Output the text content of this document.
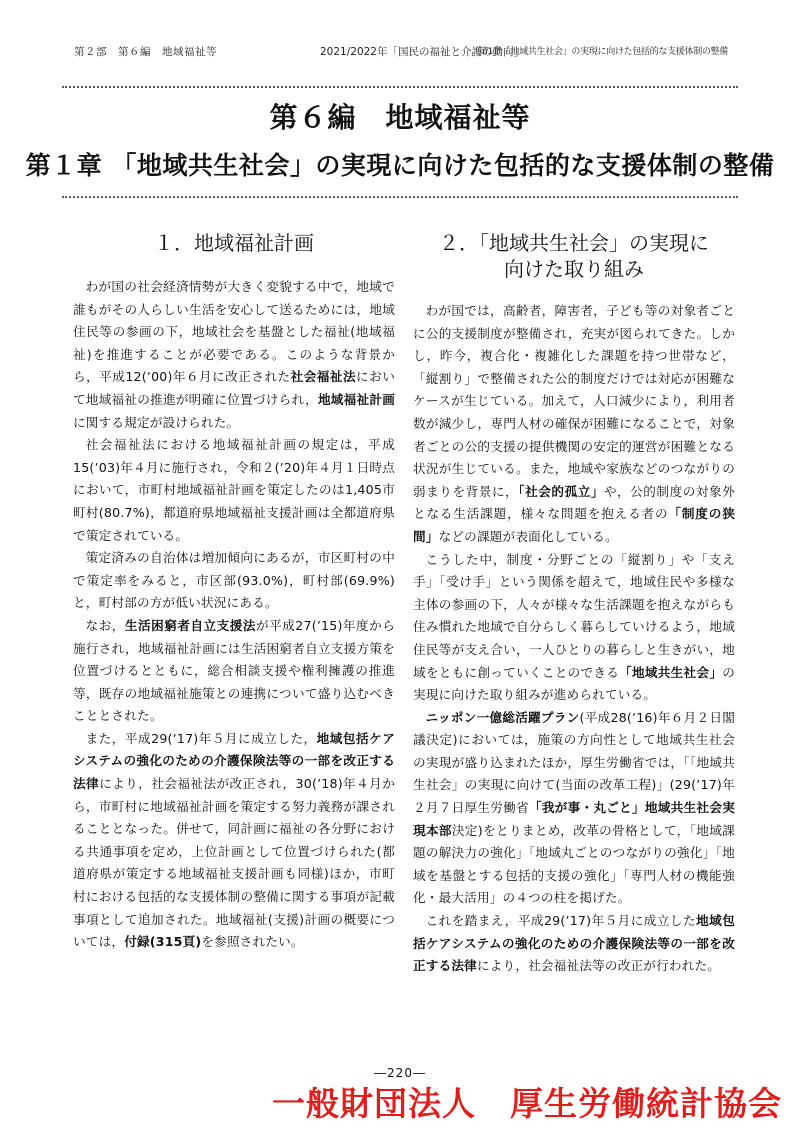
第２部　第６編　地域福祉等	2021/2022年「国民の福祉と介護の動向」
第1章「地域共生社会」の実現に向けた包括的な支援体制の整備
第６編　地域福祉等
第１章 「地域共生社会」の実現に向けた包括的な支援体制の整備
１．地域福祉計画

わが国の社会経済情勢が大きく変貌する中で，地域で誰もがその人らしい生活を安心して送るためには，地域住民等の参画の下，地域社会を基盤とした福祉(地域福祉)を推進することが必要である。このような背景から，平成12(ʼ00)年６月に改正された社会福祉法において地域福祉の推進が明確に位置づけられ，地域福祉計画に関する規定が設けられた。

社会福祉法における地域福祉計画の規定は，平成15(ʼ03)年４月に施行され，令和２(ʼ20)年４月１日時点において，市町村地域福祉計画を策定したのは1,405市町村(80.7%)，都道府県地域福祉支援計画は全都道府県で策定されている。

策定済みの自治体は増加傾向にあるが，市区町村の中で策定率をみると，市区部(93.0%)，町村部(69.9%)と，町村部の方が低い状況にある。

なお，生活困窮者自立支援法が平成27(ʼ15)年度から施行され，地域福祉計画には生活困窮者自立支援方策を位置づけるとともに，総合相談支援や権利擁護の推進等，既存の地域福祉施策との連携について盛り込むべきこととされた。

また，平成29(ʼ17)年５月に成立した，地域包括ケアシステムの強化のための介護保険法等の一部を改正する法律により，社会福祉法が改正され，30(ʼ18)年４月から，市町村に地域福祉計画を策定する努力義務が課されることとなった。併せて，同計画に福祉の各分野における共通事項を定め，上位計画として位置づけられた(都道府県が策定する地域福祉支援計画も同様)ほか，市町村における包括的な支援体制の整備に関する事項が記載事項として追加された。地域福祉(支援)計画の概要については，付録(315頁)を参照されたい。

２．「地域共生社会」の実現に
向けた取り組み

わが国では，高齢者，障害者，子ども等の対象者ごとに公的支援制度が整備され，充実が図られてきた。しかし，昨今，複合化・複雑化した課題を持つ世帯など，「縦割り」で整備された公的制度だけでは対応が困難なケースが生じている。加えて，人口減少により，利用者数が減少し，専門人材の確保が困難になることで，対象者ごとの公的支援の提供機関の安定的運営が困難となる状況が生じている。また，地域や家族などのつながりの弱まりを背景に，「社会的孤立」や，公的制度の対象外となる生活課題，様々な問題を抱える者の「制度の狭間」などの課題が表面化している。

こうした中，制度・分野ごとの「縦割り」や「支え手」「受け手」という関係を超えて，地域住民や多様な主体の参画の下，人々が様々な生活課題を抱えながらも住み慣れた地域で自分らしく暮らしていけるよう，地域住民等が支え合い，一人ひとりの暮らしと生きがい，地域をともに創っていくことのできる「地域共生社会」の実現に向けた取り組みが進められている。

ニッポン一億総活躍プラン(平成28(ʼ16)年６月２日閣議決定)においては，施策の方向性として地域共生社会の実現が盛り込まれたほか，厚生労働省では，「「地域共生社会」の実現に向けて(当面の改革工程)」(29(ʼ17)年２月７日厚生労働省「我が事・丸ごと」地域共生社会実現本部決定)をとりまとめ，改革の骨格として，「地域課題の解決力の強化」「地域丸ごとのつながりの強化」「地域を基盤とする包括的支援の強化」「専門人材の機能強化・最大活用」の４つの柱を掲げた。

これを踏まえ，平成29(ʼ17)年５月に成立した地域包括ケアシステムの強化のための介護保険法等の一部を改正する法律により，社会福祉法等の改正が行われた。

―220―
一般財団法人　厚生労働統計協会
